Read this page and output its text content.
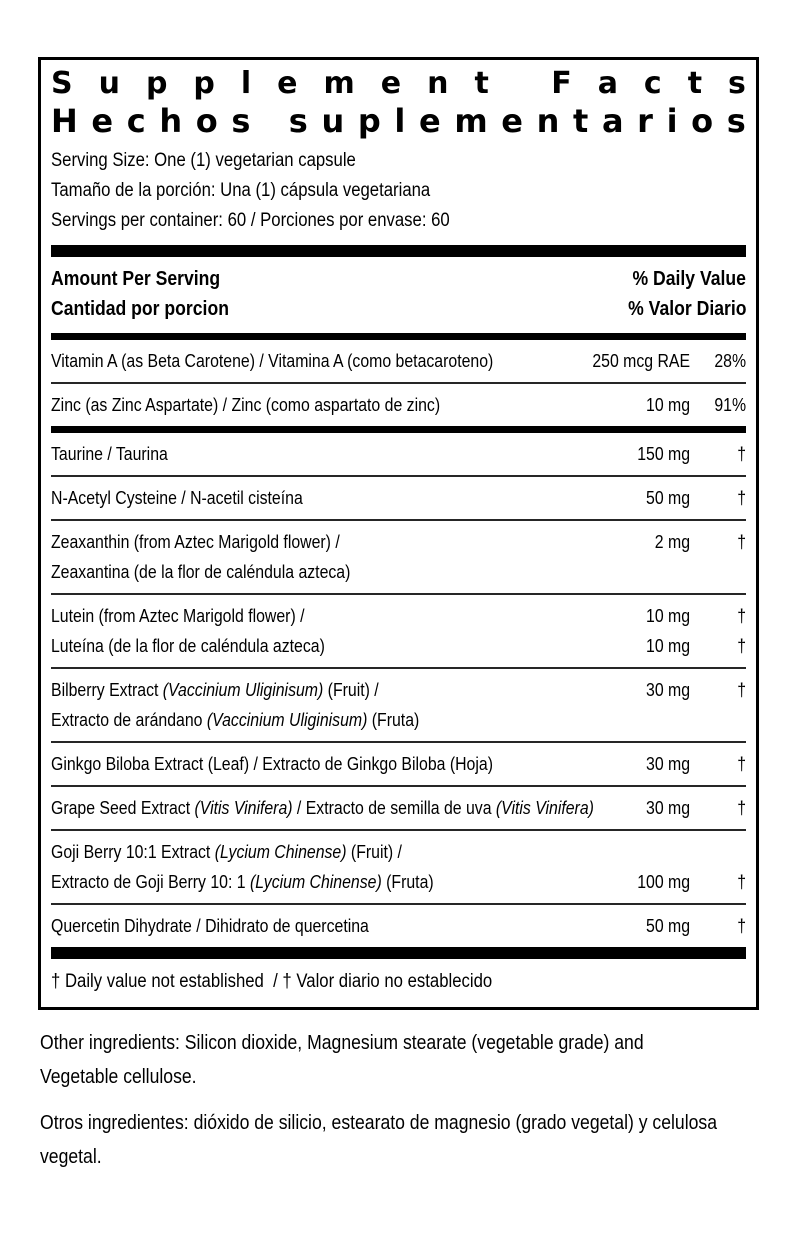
S u p p l e m e n t
F a c t s
H e c h o s
s u p l e m e n t a r i o s
Serving Size: One (1) vegetarian capsule
Tamaño de la porción: Una (1) cápsula vegetariana
Servings per container: 60 / Porciones por envase: 60
Amount Per Serving	% Daily Value
Cantidad por porcion	% Valor Diario
Vitamin A (as Beta Carotene) / Vitamina A (como betacaroteno)	250 mcg RAE	28%
Zinc (as Zinc Aspartate) / Zinc (como aspartato de zinc)	10 mg	91%
Taurine / Taurina	150 mg	†
N-Acetyl Cysteine / N-acetil cisteína	50 mg	†
Zeaxanthin (from Aztec Marigold flower) /	2 mg	†
Zeaxantina (de la flor de caléndula azteca)
Lutein (from Aztec Marigold flower) /	10 mg	†
Luteína (de la flor de caléndula azteca)	10 mg	†
Bilberry Extract (Vaccinium Uliginisum) (Fruit) /	30 mg	†
Extracto de arándano (Vaccinium Uliginisum) (Fruta)
Ginkgo Biloba Extract (Leaf) / Extracto de Ginkgo Biloba (Hoja)	30 mg	†
Grape Seed Extract (Vitis Vinifera) / Extracto de semilla de uva (Vitis Vinifera)	30 mg	†
Goji Berry 10:1 Extract (Lycium Chinense) (Fruit) /
Extracto de Goji Berry 10: 1 (Lycium Chinense) (Fruta)	100 mg	†
Quercetin Dihydrate / Dihidrato de quercetina	50 mg	†
† Daily value not established  / † Valor diario no establecido
Other ingredients: Silicon dioxide, Magnesium stearate (vegetable grade) and
Vegetable cellulose.
Otros ingredientes: dióxido de silicio, estearato de magnesio (grado vegetal) y celulosa
vegetal.
